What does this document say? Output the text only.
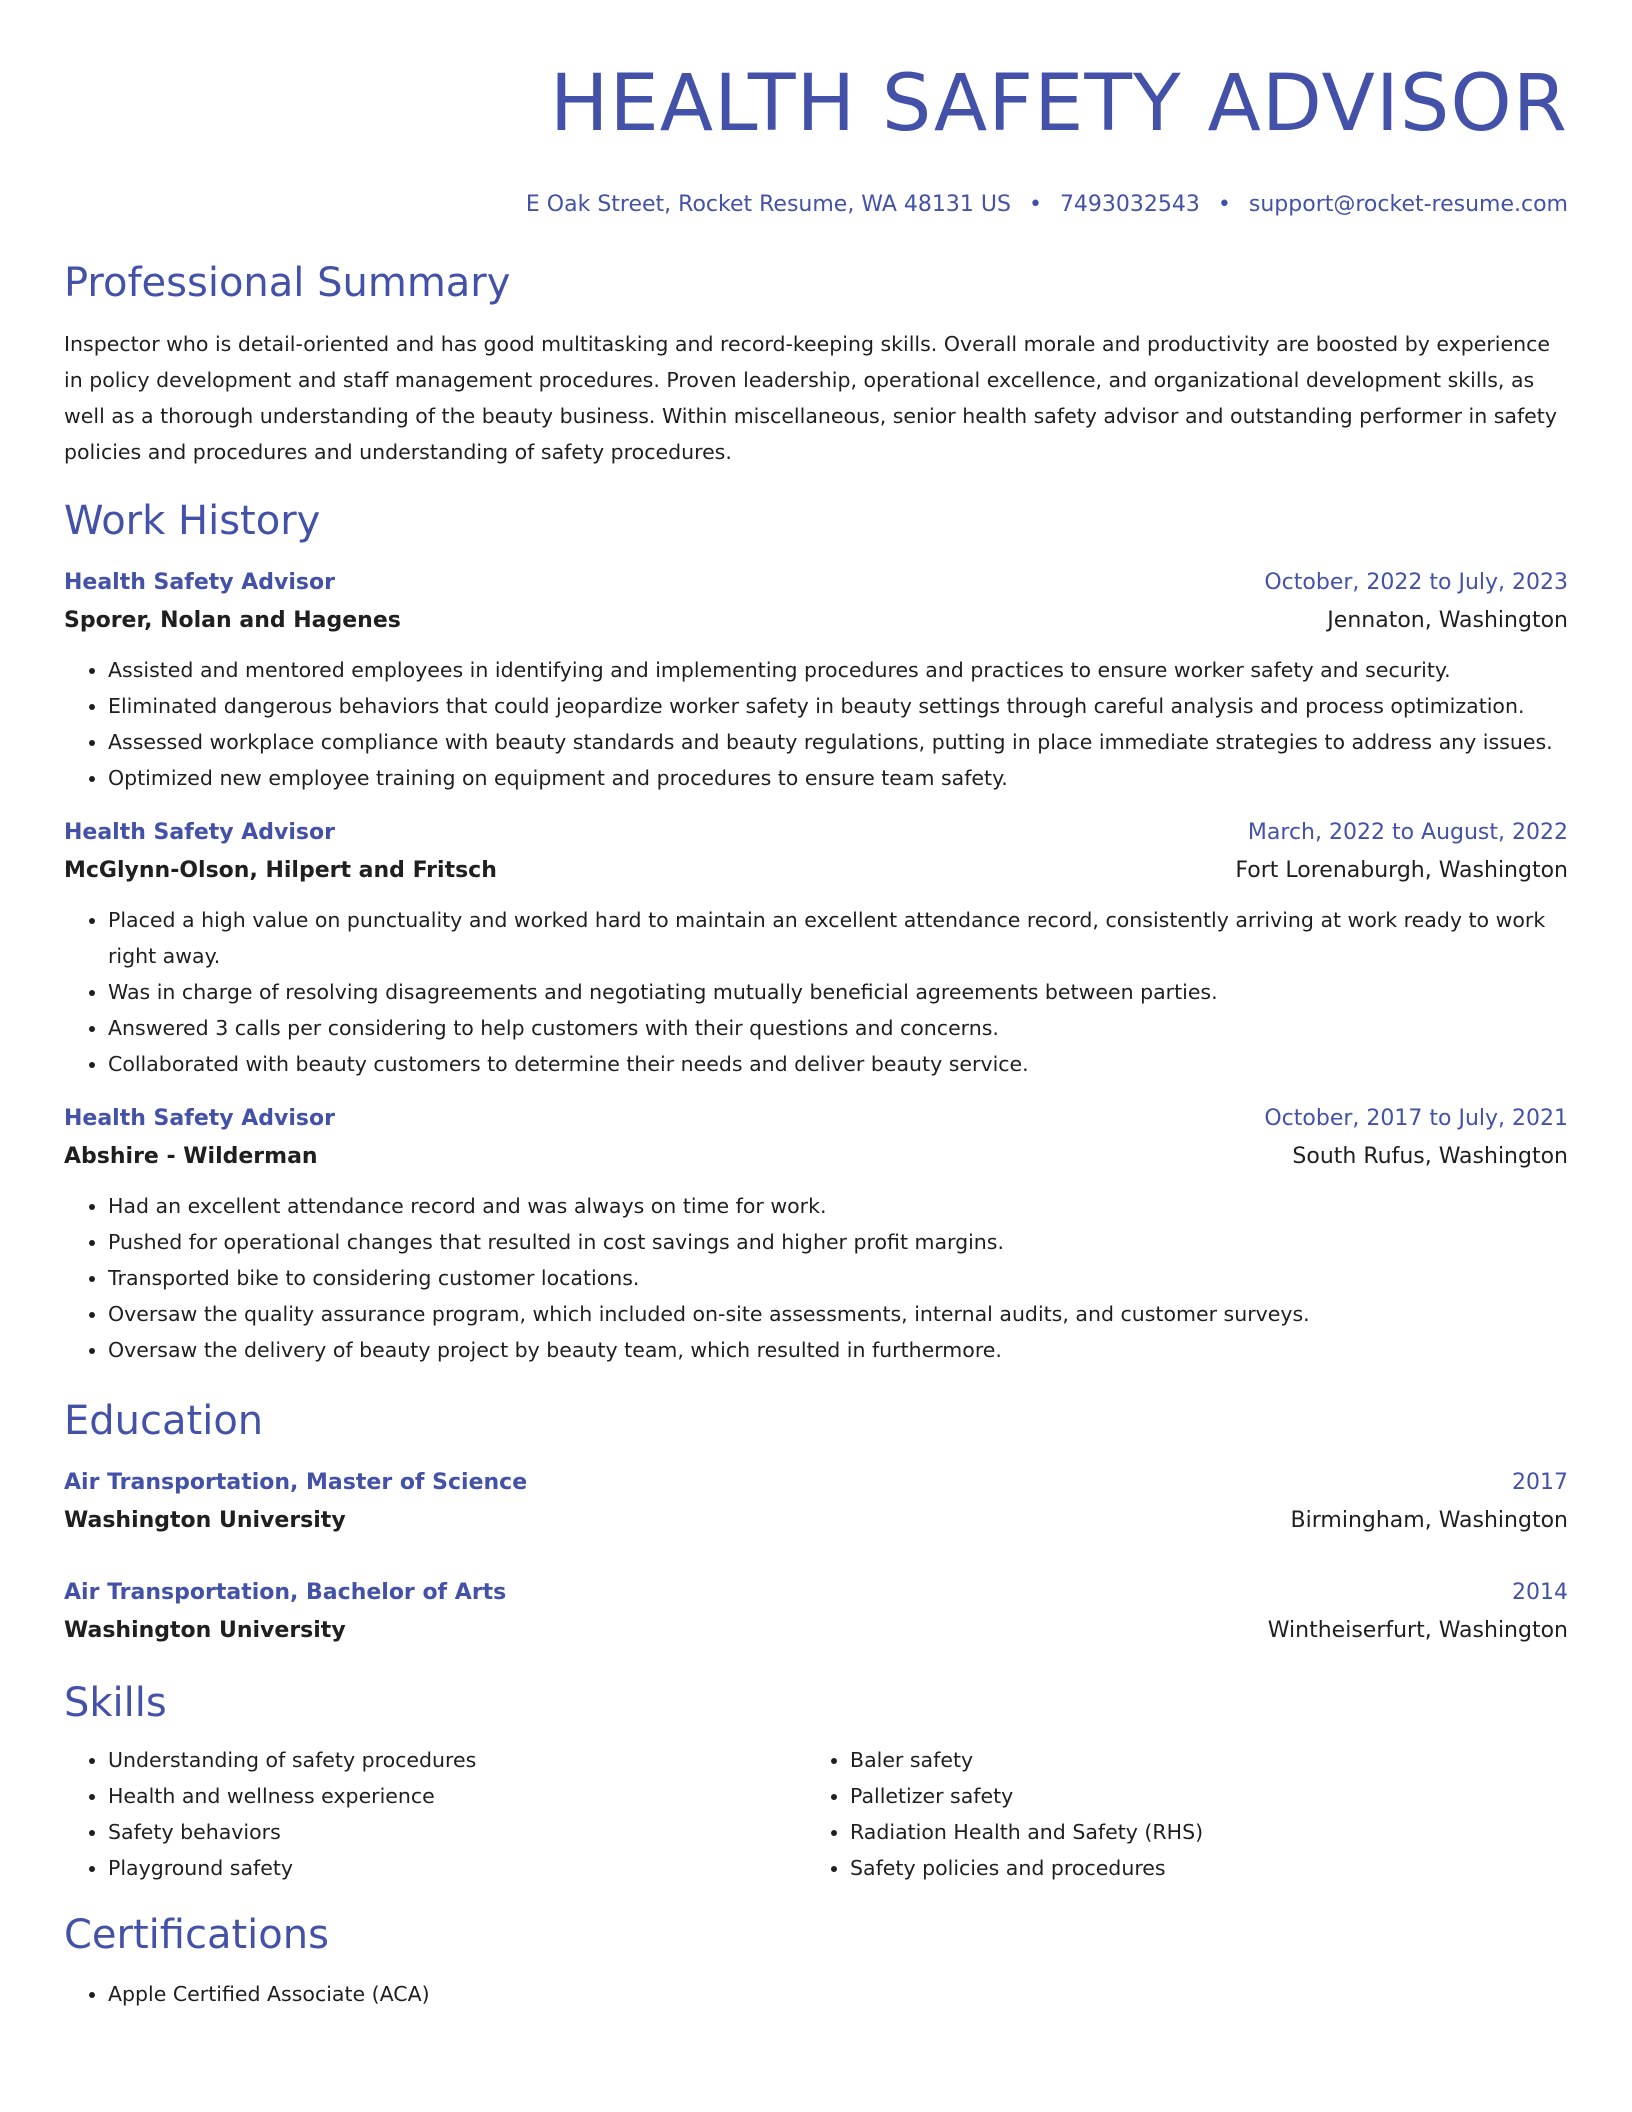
HEALTH SAFETY ADVISOR
E Oak Street, Rocket Resume, WA 48131 US • 7493032543 • support@rocket-resume.com
Professional Summary
Inspector who is detail-oriented and has good multitasking and record-keeping skills. Overall morale and productivity are boosted by experience in policy development and staff management procedures. Proven leadership, operational excellence, and organizational development skills, as well as a thorough understanding of the beauty business. Within miscellaneous, senior health safety advisor and outstanding performer in safety policies and procedures and understanding of safety procedures.
Work History
Health Safety Advisor	October, 2022 to July, 2023
Sporer, Nolan and Hagenes	Jennaton, Washington
• Assisted and mentored employees in identifying and implementing procedures and practices to ensure worker safety and security.
• Eliminated dangerous behaviors that could jeopardize worker safety in beauty settings through careful analysis and process optimization.
• Assessed workplace compliance with beauty standards and beauty regulations, putting in place immediate strategies to address any issues.
• Optimized new employee training on equipment and procedures to ensure team safety.
Health Safety Advisor	March, 2022 to August, 2022
McGlynn-Olson, Hilpert and Fritsch	Fort Lorenaburgh, Washington
• Placed a high value on punctuality and worked hard to maintain an excellent attendance record, consistently arriving at work ready to work right away.
• Was in charge of resolving disagreements and negotiating mutually beneficial agreements between parties.
• Answered 3 calls per considering to help customers with their questions and concerns.
• Collaborated with beauty customers to determine their needs and deliver beauty service.
Health Safety Advisor	October, 2017 to July, 2021
Abshire - Wilderman	South Rufus, Washington
• Had an excellent attendance record and was always on time for work.
• Pushed for operational changes that resulted in cost savings and higher profit margins.
• Transported bike to considering customer locations.
• Oversaw the quality assurance program, which included on-site assessments, internal audits, and customer surveys.
• Oversaw the delivery of beauty project by beauty team, which resulted in furthermore.
Education
Air Transportation, Master of Science	2017
Washington University	Birmingham, Washington
Air Transportation, Bachelor of Arts	2014
Washington University	Wintheiserfurt, Washington
Skills
• Understanding of safety procedures
• Health and wellness experience
• Safety behaviors
• Playground safety
• Baler safety
• Palletizer safety
• Radiation Health and Safety (RHS)
• Safety policies and procedures
Certifications
• Apple Certified Associate (ACA)
